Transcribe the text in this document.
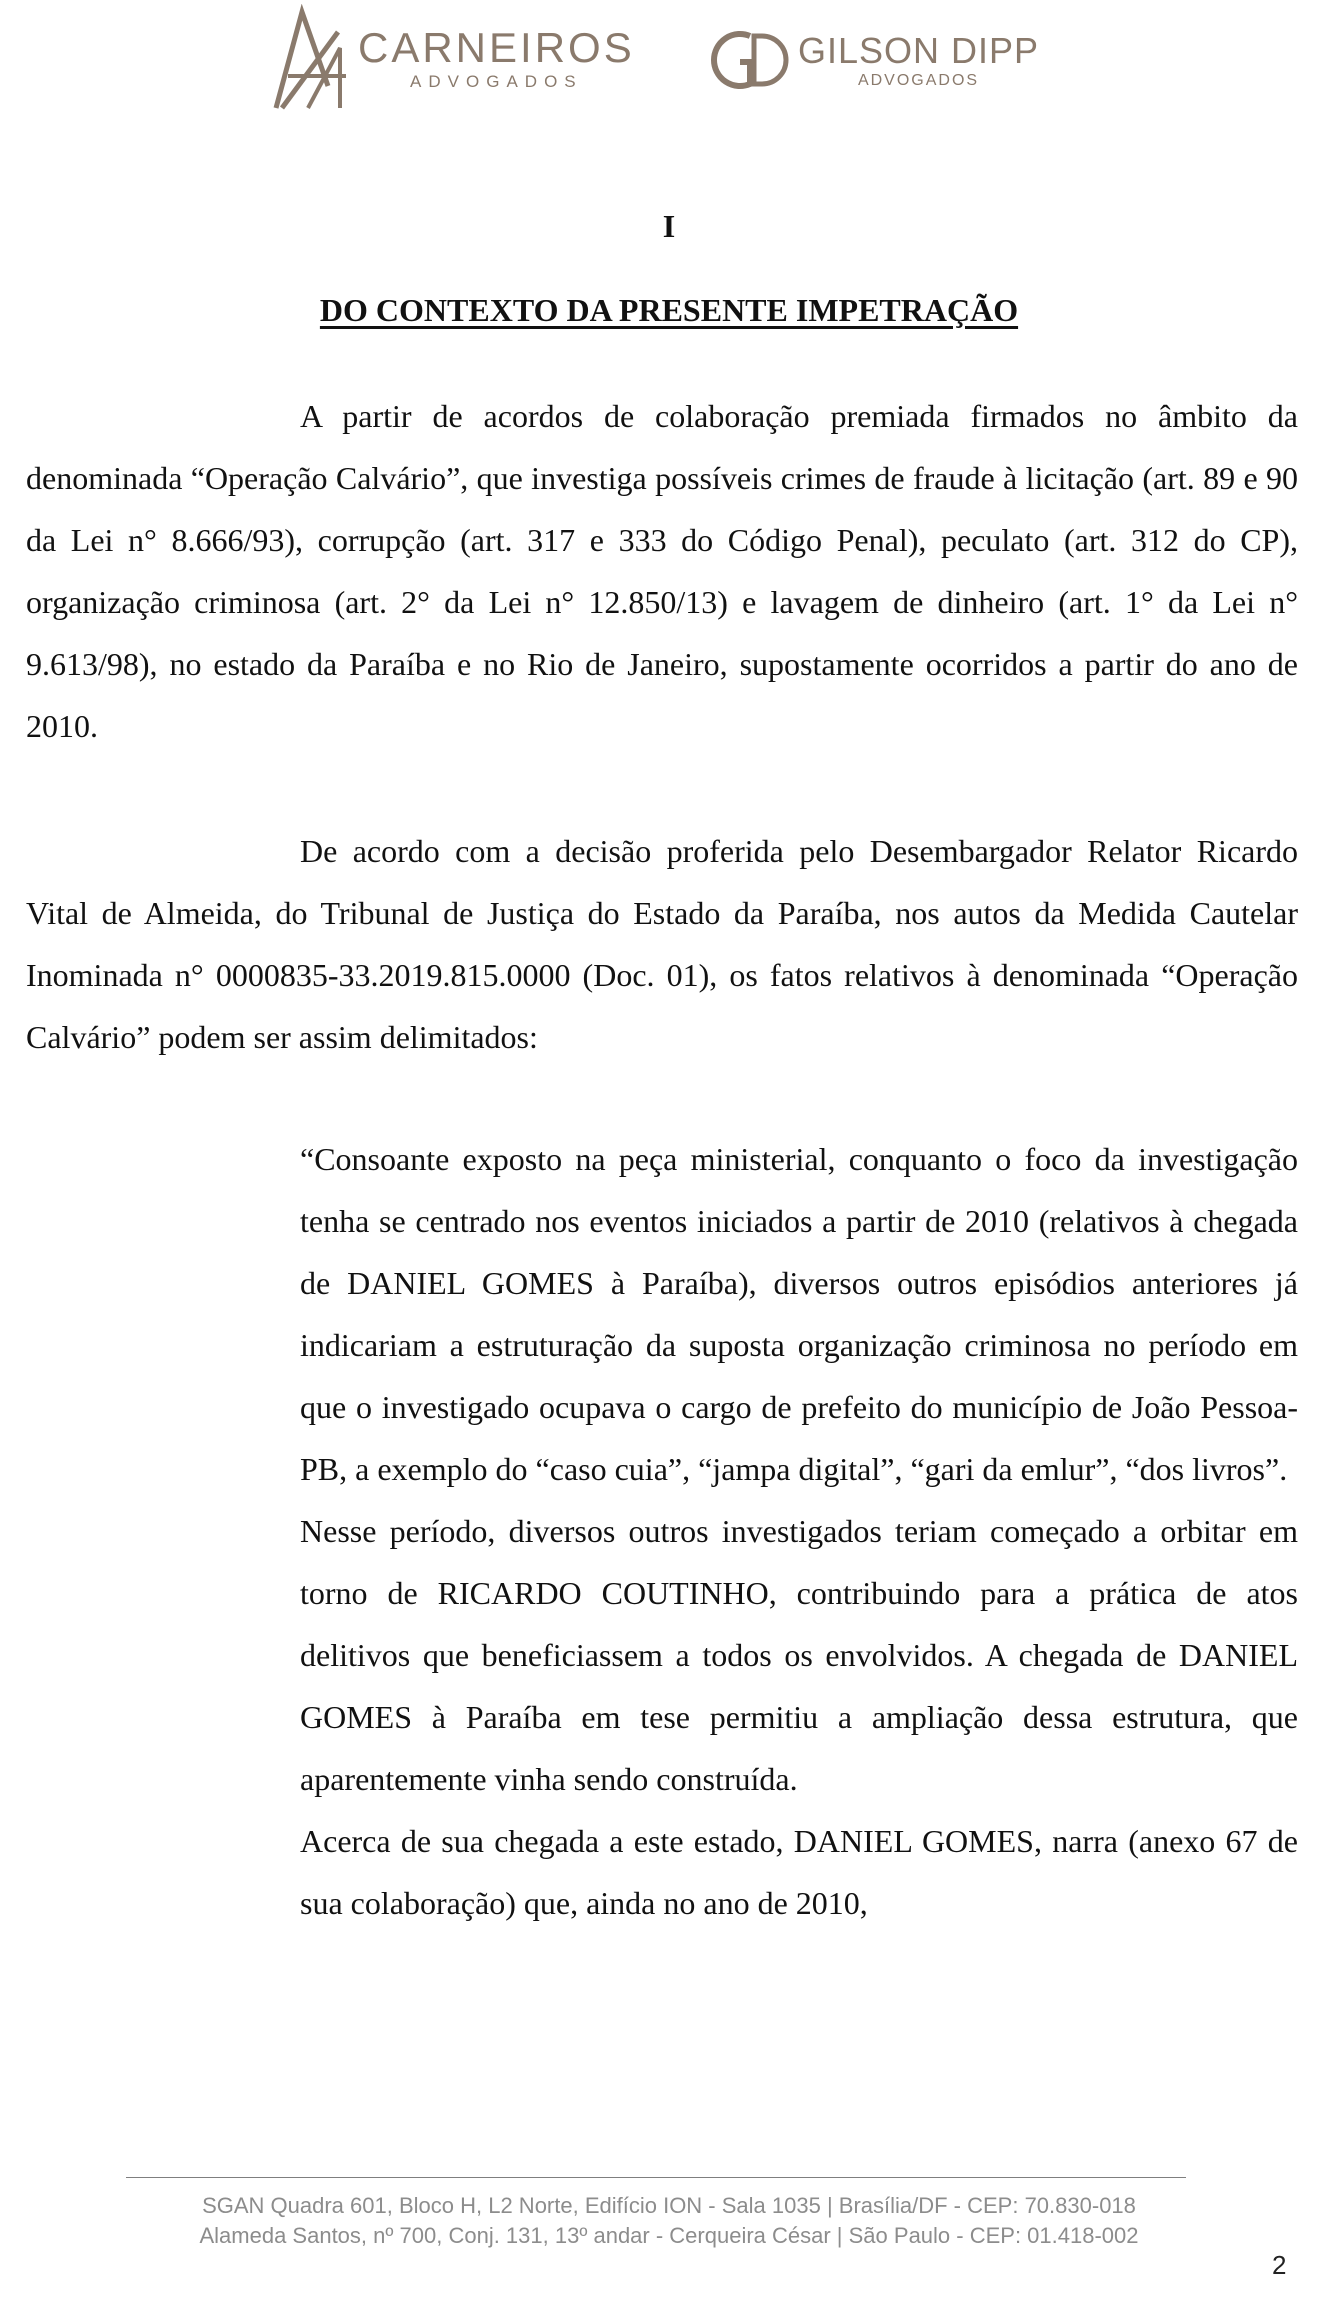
CARNEIROS
ADVOGADOS
GILSON DIPP
ADVOGADOS
I
DO CONTEXTO DA PRESENTE IMPETRAÇÃO

A partir de acordos de colaboração premiada firmados no âmbito da denominada “Operação Calvário”, que investiga possíveis crimes de fraude à licitação (art. 89 e 90 da Lei n° 8.666/93), corrupção (art. 317 e 333 do Código Penal), peculato (art. 312 do CP), organização criminosa (art. 2° da Lei n° 12.850/13) e lavagem de dinheiro (art. 1° da Lei n° 9.613/98), no estado da Paraíba e no Rio de Janeiro, supostamente ocorridos a partir do ano de 2010.

De acordo com a decisão proferida pelo Desembargador Relator Ricardo Vital de Almeida, do Tribunal de Justiça do Estado da Paraíba, nos autos da Medida Cautelar Inominada n° 0000835-33.2019.815.0000 (Doc. 01), os fatos relativos à denominada “Operação Calvário” podem ser assim delimitados:

“Consoante exposto na peça ministerial, conquanto o foco da investigação tenha se centrado nos eventos iniciados a partir de 2010 (relativos à chegada de DANIEL GOMES à Paraíba), diversos outros episódios anteriores já indicariam a estruturação da suposta organização criminosa no período em que o investigado ocupava o cargo de prefeito do município de João Pessoa-PB, a exemplo do “caso cuia”, “jampa digital”, “gari da emlur”, “dos livros”.

Nesse período, diversos outros investigados teriam começado a orbitar em torno de RICARDO COUTINHO, contribuindo para a prática de atos delitivos que beneficiassem a todos os envolvidos. A chegada de DANIEL GOMES à Paraíba em tese permitiu a ampliação dessa estrutura, que aparentemente vinha sendo construída.

Acerca de sua chegada a este estado, DANIEL GOMES, narra (anexo 67 de sua colaboração) que, ainda no ano de 2010,

SGAN Quadra 601, Bloco H, L2 Norte, Edifício ION - Sala 1035 | Brasília/DF - CEP: 70.830-018
Alameda Santos, nº 700, Conj. 131, 13º andar - Cerqueira César | São Paulo - CEP: 01.418-002
2
